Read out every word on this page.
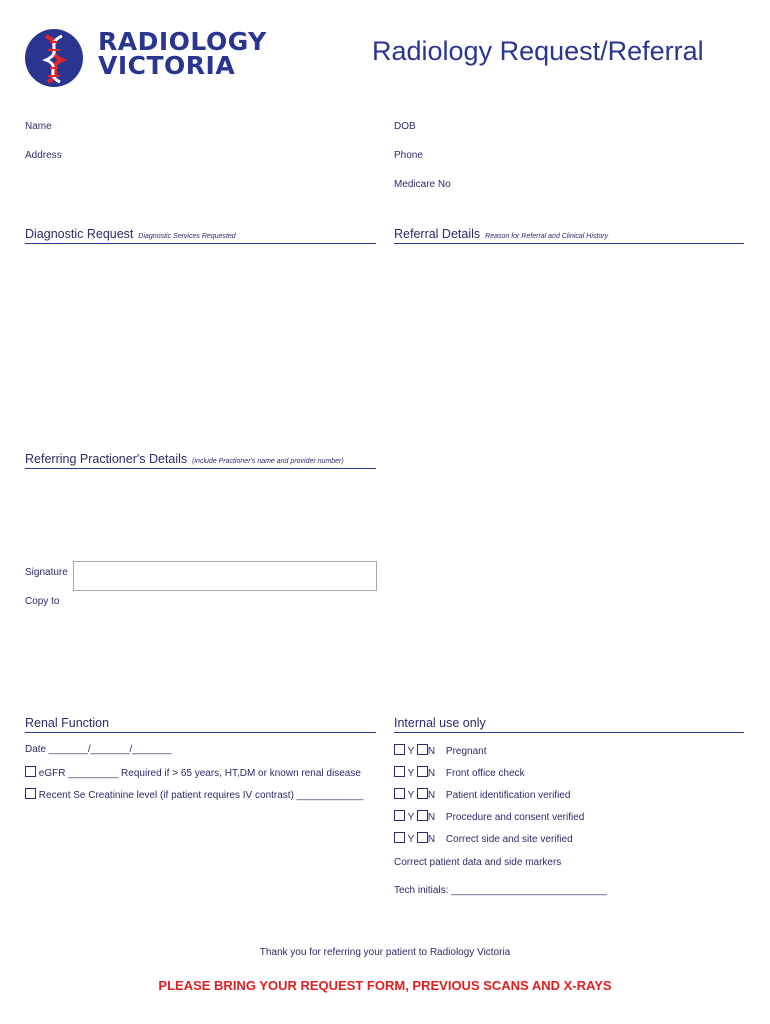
RADIOLOGY
VICTORIA	Radiology Request/Referral
Name
Address
DOB
Phone
Medicare No
Diagnostic Request Diagnostic Services Requested	Referral Details Reason for Referral and Clinical History
Referring Practioner's Details (include Practioner's name and provider number)
Signature
Copy to
Renal Function
Date _______/_______/_______
eGFR _________ Required if > 65 years, HT,DM or known renal disease
Recent Se Creatinine level (if patient requires IV contrast) ____________
Internal use only
Y N Pregnant
Y N Front office check
Y N Patient identification verified
Y N Procedure and consent verified
Y N Correct side and site verified
Correct patient data and side markers
Tech initials: ____________________________
Thank you for referring your patient to Radiology Victoria
PLEASE BRING YOUR REQUEST FORM, PREVIOUS SCANS AND X-RAYS
